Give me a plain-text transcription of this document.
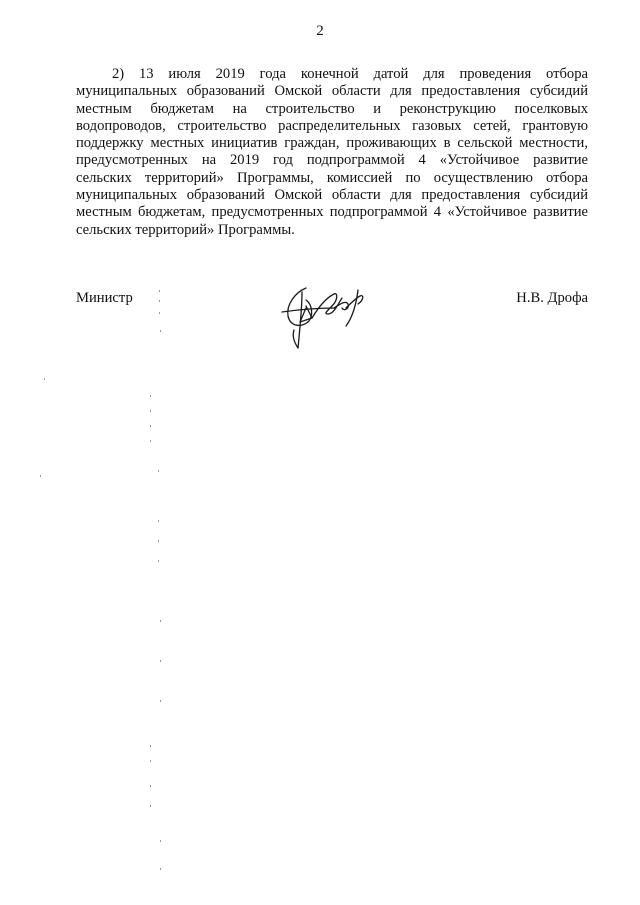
2
2) 13 июля 2019 года конечной датой для проведения отбора
муниципальных образований Омской области для предоставления субсидий
местным бюджетам на строительство и реконструкцию поселковых
водопроводов, строительство распределительных газовых сетей, грантовую
поддержку местных инициатив граждан, проживающих в сельской местности,
предусмотренных на 2019 год подпрограммой 4 «Устойчивое развитие
сельских территорий» Программы, комиссией по осуществлению отбора
муниципальных образований Омской области для предоставления субсидий
местным бюджетам, предусмотренных подпрограммой 4 «Устойчивое развитие
сельских территорий» Программы.
Министр	Н.В. Дрофа
